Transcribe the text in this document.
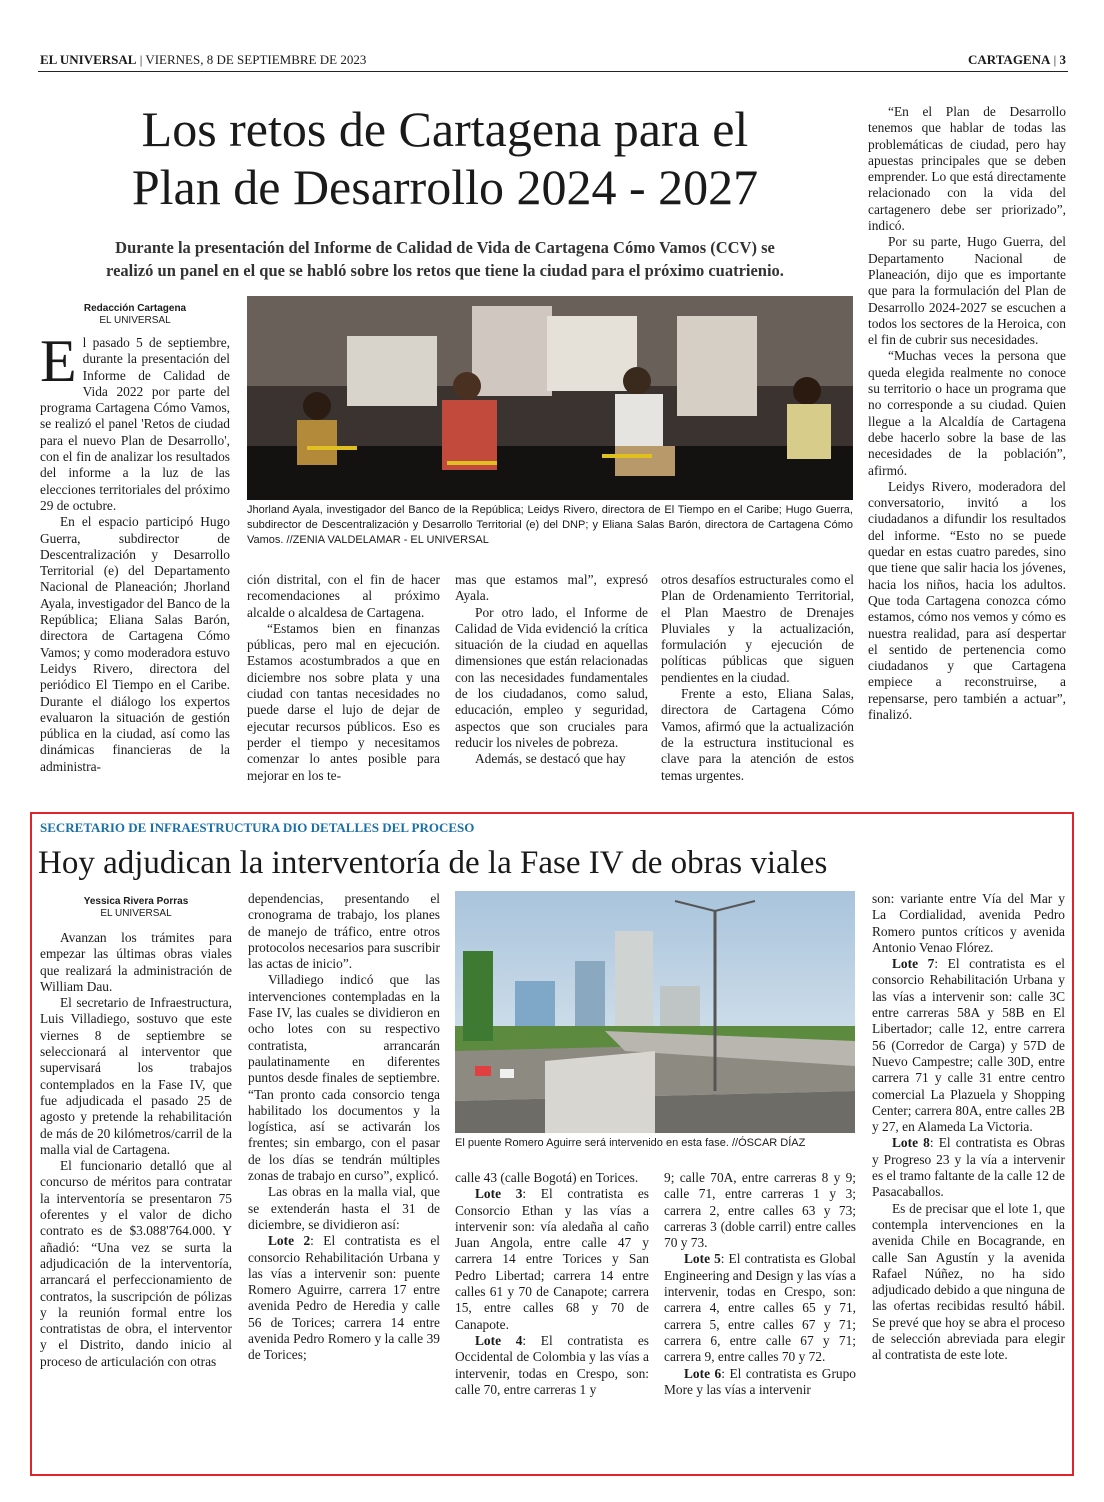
EL UNIVERSAL | VIERNES, 8 DE SEPTIEMBRE DE 2023	CARTAGENA | 3
Los retos de Cartagena para el
Plan de Desarrollo 2024 - 2027
Durante la presentación del Informe de Calidad de Vida de Cartagena Cómo Vamos (CCV) se
realizó un panel en el que se habló sobre los retos que tiene la ciudad para el próximo cuatrienio.
Redacción Cartagena
EL UNIVERSAL

El pasado 5 de septiembre, durante la presentación del Informe de Calidad de Vida 2022 por parte del programa Cartagena Cómo Vamos, se realizó el panel 'Retos de ciudad para el nuevo Plan de Desarrollo', con el fin de analizar los resultados del informe a la luz de las elecciones territoriales del próximo 29 de octubre.

En el espacio participó Hugo Guerra, subdirector de Descentralización y Desarrollo Territorial (e) del Departamento Nacional de Planeación; Jhorland Ayala, investigador del Banco de la República; Eliana Salas Barón, directora de Cartagena Cómo Vamos; y como moderadora estuvo Leidys Rivero, directora del periódico El Tiempo en el Caribe. Durante el diálogo los expertos evaluaron la situación de gestión pública en la ciudad, así como las dinámicas financieras de la administra-

Jhorland Ayala, investigador del Banco de la República; Leidys Rivero, directora de El Tiempo en el Caribe; Hugo Guerra, subdirector de Descentralización y Desarrollo Territorial (e) del DNP; y Eliana Salas Barón, directora de Cartagena Cómo Vamos. //ZENIA VALDELAMAR - EL UNIVERSAL

ción distrital, con el fin de hacer recomendaciones al próximo alcalde o alcaldesa de Cartagena.

“Estamos bien en finanzas públicas, pero mal en ejecución. Estamos acostumbrados a que en diciembre nos sobre plata y una ciudad con tantas necesidades no puede darse el lujo de dejar de ejecutar recursos públicos. Eso es perder el tiempo y necesitamos comenzar lo antes posible para mejorar en los te-

mas que estamos mal”, expresó Ayala.

Por otro lado, el Informe de Calidad de Vida evidenció la crítica situación de la ciudad en aquellas dimensiones que están relacionadas con las necesidades fundamentales de los ciudadanos, como salud, educación, empleo y seguridad, aspectos que son cruciales para reducir los niveles de pobreza.

Además, se destacó que hay

otros desafíos estructurales como el Plan de Ordenamiento Territorial, el Plan Maestro de Drenajes Pluviales y la actualización, formulación y ejecución de políticas públicas que siguen pendientes en la ciudad.

Frente a esto, Eliana Salas, directora de Cartagena Cómo Vamos, afirmó que la actualización de la estructura institucional es clave para la atención de estos temas urgentes.

“En el Plan de Desarrollo tenemos que hablar de todas las problemáticas de ciudad, pero hay apuestas principales que se deben emprender. Lo que está directamente relacionado con la vida del cartagenero debe ser priorizado”, indicó.

Por su parte, Hugo Guerra, del Departamento Nacional de Planeación, dijo que es importante que para la formulación del Plan de Desarrollo 2024-2027 se escuchen a todos los sectores de la Heroica, con el fin de cubrir sus necesidades.

“Muchas veces la persona que queda elegida realmente no conoce su territorio o hace un programa que no corresponde a su ciudad. Quien llegue a la Alcaldía de Cartagena debe hacerlo sobre la base de las necesidades de la población”, afirmó.

Leidys Rivero, moderadora del conversatorio, invitó a los ciudadanos a difundir los resultados del informe. “Esto no se puede quedar en estas cuatro paredes, sino que tiene que salir hacia los jóvenes, hacia los niños, hacia los adultos. Que toda Cartagena conozca cómo estamos, cómo nos vemos y cómo es nuestra realidad, para así despertar el sentido de pertenencia como ciudadanos y que Cartagena empiece a reconstruirse, a repensarse, pero también a actuar”, finalizó.

SECRETARIO DE INFRAESTRUCTURA DIO DETALLES DEL PROCESO
Hoy adjudican la interventoría de la Fase IV de obras viales
Yessica Rivera Porras
EL UNIVERSAL

Avanzan los trámites para empezar las últimas obras viales que realizará la administración de William Dau.

El secretario de Infraestructura, Luis Villadiego, sostuvo que este viernes 8 de septiembre se seleccionará al interventor que supervisará los trabajos contemplados en la Fase IV, que fue adjudicada el pasado 25 de agosto y pretende la rehabilitación de más de 20 kilómetros/carril de la malla vial de Cartagena.

El funcionario detalló que al concurso de méritos para contratar la interventoría se presentaron 75 oferentes y el valor de dicho contrato es de $3.088'764.000. Y añadió: “Una vez se surta la adjudicación de la interventoría, arrancará el perfeccionamiento de contratos, la suscripción de pólizas y la reunión formal entre los contratistas de obra, el interventor y el Distrito, dando inicio al proceso de articulación con otras

dependencias, presentando el cronograma de trabajo, los planes de manejo de tráfico, entre otros protocolos necesarios para suscribir las actas de inicio”.

Villadiego indicó que las intervenciones contempladas en la Fase IV, las cuales se dividieron en ocho lotes con su respectivo contratista, arrancarán paulatinamente en diferentes puntos desde finales de septiembre. “Tan pronto cada consorcio tenga habilitado los documentos y la logística, así se activarán los frentes; sin embargo, con el pasar de los días se tendrán múltiples zonas de trabajo en curso”, explicó.

Las obras en la malla vial, que se extenderán hasta el 31 de diciembre, se dividieron así:

Lote 2: El contratista es el consorcio Rehabilitación Urbana y las vías a intervenir son: puente Romero Aguirre, carrera 17 entre avenida Pedro de Heredia y calle 56 de Torices; carrera 14 entre avenida Pedro Romero y la calle 39 de Torices;

El puente Romero Aguirre será intervenido en esta fase. //ÓSCAR DÍAZ

calle 43 (calle Bogotá) en Torices.

Lote 3: El contratista es Consorcio Ethan y las vías a intervenir son: vía aledaña al caño Juan Angola, entre calle 47 y carrera 14 entre Torices y San Pedro Libertad; carrera 14 entre calles 61 y 70 de Canapote; carrera 15, entre calles 68 y 70 de Canapote.

Lote 4: El contratista es Occidental de Colombia y las vías a intervenir, todas en Crespo, son: calle 70, entre carreras 1 y

9; calle 70A, entre carreras 8 y 9; calle 71, entre carreras 1 y 3; carrera 2, entre calles 63 y 73; carreras 3 (doble carril) entre calles 70 y 73.

Lote 5: El contratista es Global Engineering and Design y las vías a intervenir, todas en Crespo, son: carrera 4, entre calles 65 y 71, carrera 5, entre calles 67 y 71; carrera 6, entre calle 67 y 71; carrera 9, entre calles 70 y 72.

Lote 6: El contratista es Grupo More y las vías a intervenir

son: variante entre Vía del Mar y La Cordialidad, avenida Pedro Romero puntos críticos y avenida Antonio Venao Flórez.

Lote 7: El contratista es el consorcio Rehabilitación Urbana y las vías a intervenir son: calle 3C entre carreras 58A y 58B en El Libertador; calle 12, entre carrera 56 (Corredor de Carga) y 57D de Nuevo Campestre; calle 30D, entre carrera 71 y calle 31 entre centro comercial La Plazuela y Shopping Center; carrera 80A, entre calles 2B y 27, en Alameda La Victoria.

Lote 8: El contratista es Obras y Progreso 23 y la vía a intervenir es el tramo faltante de la calle 12 de Pasacaballos.

Es de precisar que el lote 1, que contempla intervenciones en la avenida Chile en Bocagrande, en calle San Agustín y la avenida Rafael Núñez, no ha sido adjudicado debido a que ninguna de las ofertas recibidas resultó hábil. Se prevé que hoy se abra el proceso de selección abreviada para elegir al contratista de este lote.
